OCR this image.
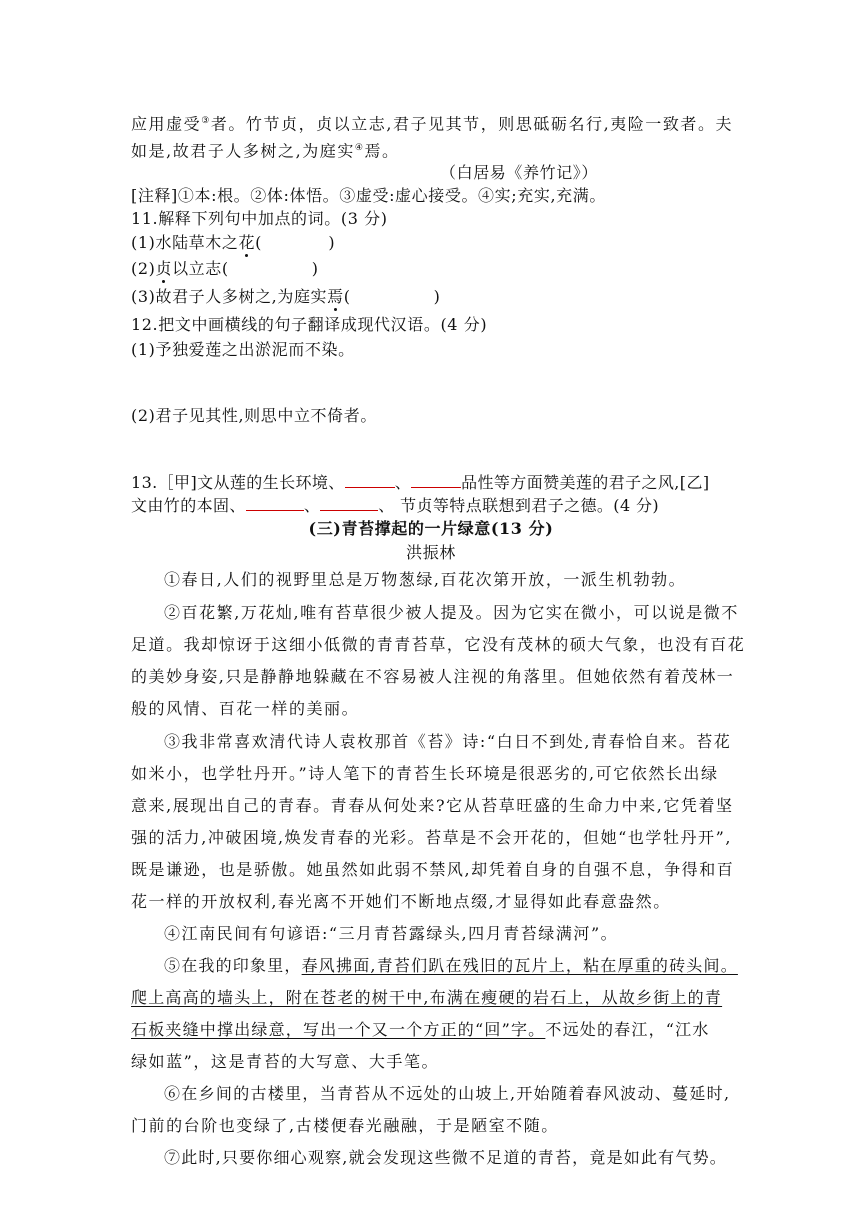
应用虚受③者。竹节贞，贞以立志,君子见其节，则思砥砺名行,夷险一致者。夫
如是,故君子人多树之,为庭实④焉。
（白居易《养竹记》）
[注释]①本:根。②体:体悟。③虚受:虚心接受。④实;充实,充满。
11.解释下列句中加点的词。(3 分)
(1)水陆草木之花(　　　　)
(2)贞以立志(　　　　　)
(3)故君子人多树之,为庭实焉(　　　　　)
12.把文中画横线的句子翻译成现代汉语。(4 分)
(1)予独爱莲之出淤泥而不染。
(2)君子见其性,则思中立不倚者。
13.［甲]文从莲的生长环境、	、	品性等方面赞美莲的君子之风,[乙]
文由竹的本固、	、	、 节贞等特点联想到君子之德。(4 分)
(三)青苔撑起的一片绿意(13 分)
洪振林
①春日,人们的视野里总是万物葱绿,百花次第开放，一派生机勃勃。
②百花繁,万花灿,唯有苔草很少被人提及。因为它实在微小，可以说是微不
足道。我却惊讶于这细小低微的青青苔草，它没有茂林的硕大气象，也没有百花
的美妙身姿,只是静静地躲藏在不容易被人注视的角落里。但她依然有着茂林一
般的风情、百花一样的美丽。
③我非常喜欢清代诗人袁枚那首《苔》诗:“白日不到处,青春恰自来。苔花
如米小，也学牡丹开。”诗人笔下的青苔生长环境是很恶劣的,可它依然长出绿
意来,展现出自己的青春。青春从何处来?它从苔草旺盛的生命力中来,它凭着坚
强的活力,冲破困境,焕发青春的光彩。苔草是不会开花的，但她“也学牡丹开”,
既是谦逊，也是骄傲。她虽然如此弱不禁风,却凭着自身的自强不息，争得和百
花一样的开放权利,春光离不开她们不断地点缀,才显得如此春意盎然。
④江南民间有句谚语:“三月青苔露绿头,四月青苔绿满河”。
⑤在我的印象里，春风拂面,青苔们趴在残旧的瓦片上，粘在厚重的砖头间。
爬上高高的墙头上，附在苍老的树干中,布满在瘦硬的岩石上，从故乡街上的青
石板夹缝中撑出绿意，写出一个又一个方正的“回”字。不远处的春江，“江水
绿如蓝”，这是青苔的大写意、大手笔。
⑥在乡间的古楼里，当青苔从不远处的山坡上,开始随着春风波动、蔓延时,
门前的台阶也变绿了,古楼便春光融融，于是陋室不随。
⑦此时,只要你细心观察,就会发现这些微不足道的青苔，竟是如此有气势。
